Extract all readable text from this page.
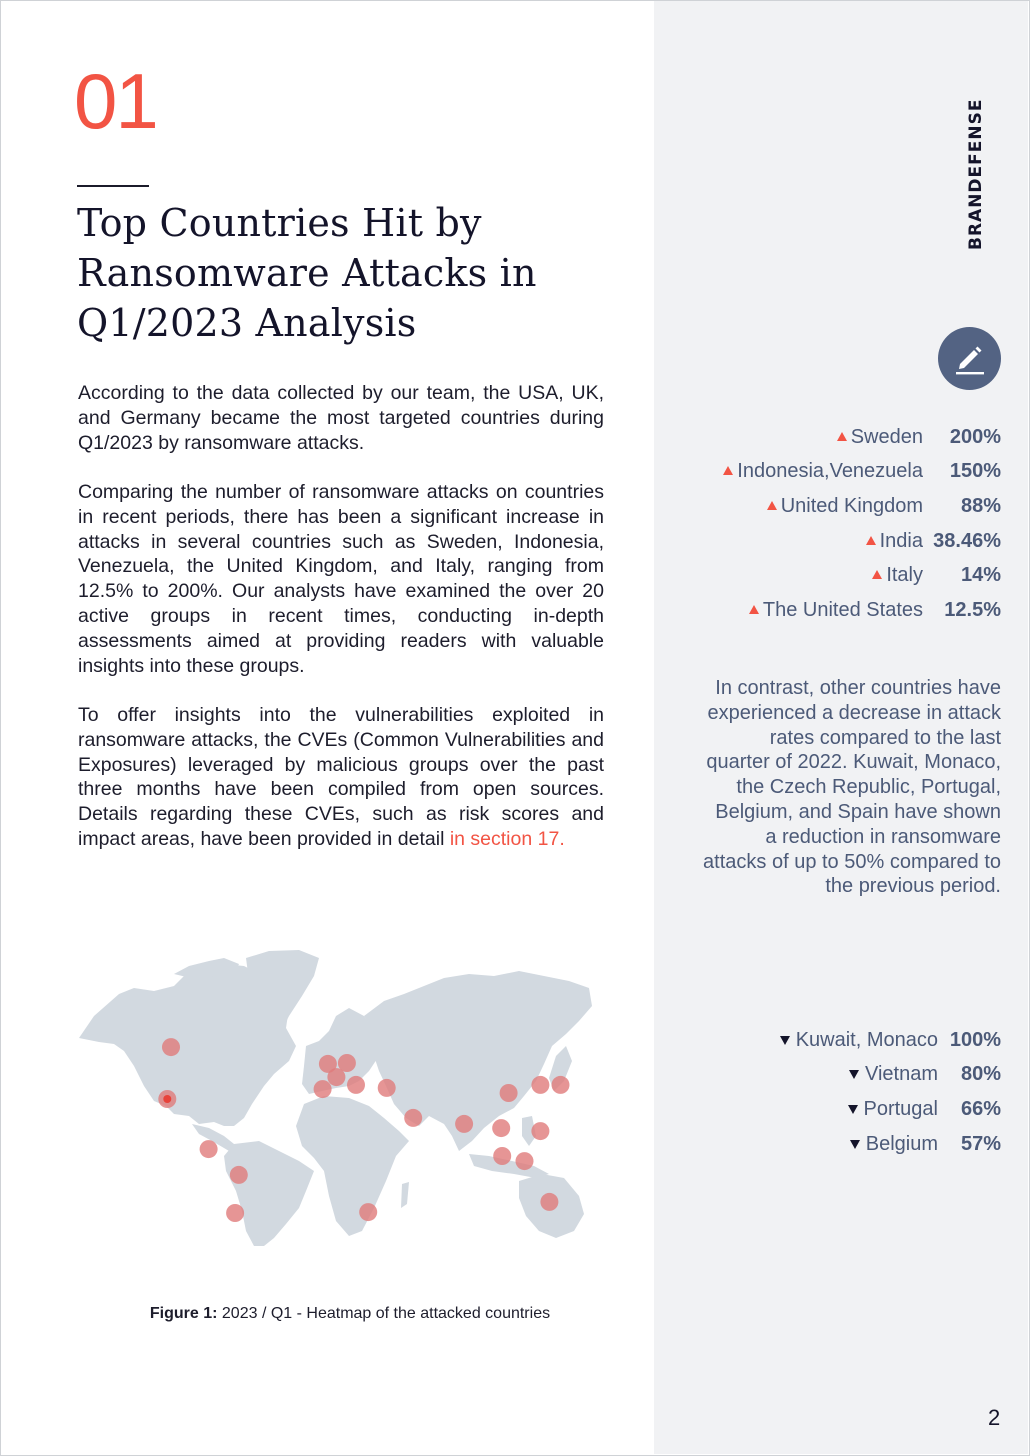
01
Top Countries Hit by Ransomware Attacks in Q1/2023 Analysis
According to the data collected by our team, the USA, UK, and Germany became the most targeted countries during Q1/2023 by ransomware attacks.
Comparing the number of ransomware attacks on countries in recent periods, there has been a significant increase in attacks in several countries such as Sweden, Indonesia, Venezuela, the United Kingdom, and Italy, ranging from 12.5% to 200%. Our analysts have examined the over 20 active groups in recent times, conducting in-depth assessments aimed at providing readers with valuable insights into these groups.
To offer insights into the vulnerabilities exploited in ransomware attacks, the CVEs (Common Vulnerabilities and Exposures) leveraged by malicious groups over the past three months have been compiled from open sources. Details regarding these CVEs, such as risk scores and impact areas, have been provided in detail in section 17.
Figure 1: 2023 / Q1 - Heatmap of the attacked countries
BRANDEFENSE
Sweden	200%
Indonesia,Venezuela	150%
United Kingdom	88%
India 38.46%
Italy	14%
The United States	12.5%
In contrast, other countries have experienced a decrease in attack rates compared to the last quarter of 2022. Kuwait, Monaco, the Czech Republic, Portugal, Belgium, and Spain have shown a reduction in ransomware attacks of up to 50% compared to the previous period.
Kuwait, Monaco 100%
Vietnam	80%
Portugal	66%
Belgium	57%
2
